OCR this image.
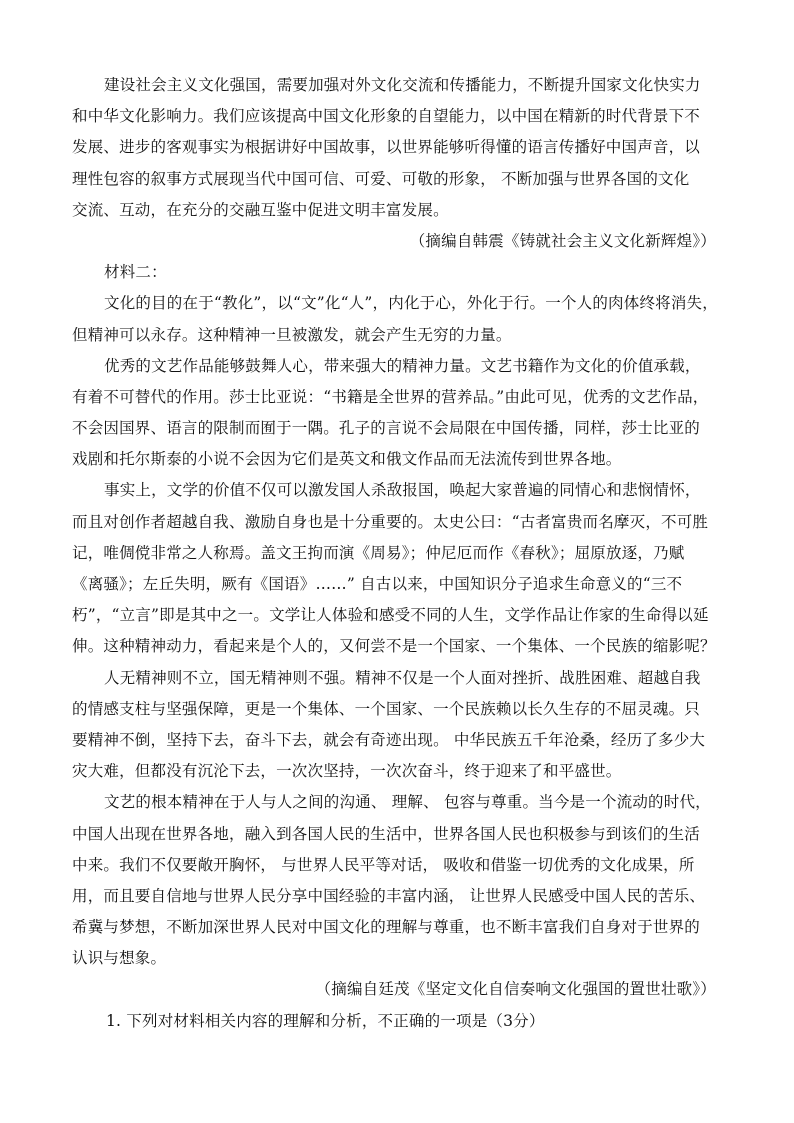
建设社会主义文化强国，需要加强对外文化交流和传播能力，不断提升国家文化快实力
和中华文化影响力。我们应该提高中国文化形象的自望能力，以中国在精新的时代背景下不
发展、进步的客观事实为根据讲好中国故事，以世界能够听得懂的语言传播好中国声音，以
理性包容的叙事方式展现当代中国可信、可爱、可敬的形象， 不断加强与世界各国的文化
交流、互动，在充分的交融互鉴中促进文明丰富发展。
（摘编自韩震《铸就社会主义文化新辉煌》）
材料二：
文化的目的在于“教化”，以“文”化“人”，内化于心，外化于行。一个人的肉体终将消失，
但精神可以永存。这种精神一旦被激发，就会产生无穷的力量。
优秀的文艺作品能够鼓舞人心，带来强大的精神力量。文艺书籍作为文化的价值承载，
有着不可替代的作用。莎士比亚说：“书籍是全世界的营养品。”由此可见，优秀的文艺作品，
不会因国界、语言的限制而囿于一隅。孔子的言说不会局限在中国传播，同样，莎士比亚的
戏剧和托尔斯泰的小说不会因为它们是英文和俄文作品而无法流传到世界各地。
事实上，文学的价值不仅可以激发国人杀敌报国，唤起大家普遍的同情心和悲悯情怀，
而且对创作者超越自我、激励自身也是十分重要的。太史公曰：“古者富贵而名摩灭，不可胜
记，唯倜傥非常之人称焉。盖文王拘而演《周易》；仲尼厄而作《春秋》；屈原放逐，乃赋
《离骚》；左丘失明，厥有《国语》……” 自古以来，中国知识分子追求生命意义的“三不
朽”，“立言”即是其中之一。文学让人体验和感受不同的人生，文学作品让作家的生命得以延
伸。这种精神动力，看起来是个人的，又何尝不是一个国家、一个集体、一个民族的缩影呢？
人无精神则不立，国无精神则不强。精神不仅是一个人面对挫折、战胜困难、超越自我
的情感支柱与坚强保障，更是一个集体、一个国家、一个民族赖以长久生存的不屈灵魂。只
要精神不倒，坚持下去，奋斗下去，就会有奇迹出现。 中华民族五千年沧桑，经历了多少大
灾大难，但都没有沉沦下去，一次次坚持，一次次奋斗，终于迎来了和平盛世。
文艺的根本精神在于人与人之间的沟通、 理解、 包容与尊重。当今是一个流动的时代，
中国人出现在世界各地，融入到各国人民的生活中，世界各国人民也积极参与到该们的生活
中来。我们不仅要敞开胸怀， 与世界人民平等对话， 吸收和借鉴一切优秀的文化成果，所
用，而且要自信地与世界人民分享中国经验的丰富内涵， 让世界人民感受中国人民的苦乐、
希冀与梦想，不断加深世界人民对中国文化的理解与尊重，也不断丰富我们自身对于世界的
认识与想象。
（摘编自廷茂《坚定文化自信奏响文化强国的置世壮歌》）
1. 下列对材料相关内容的理解和分析，不正确的一项是（3分）
